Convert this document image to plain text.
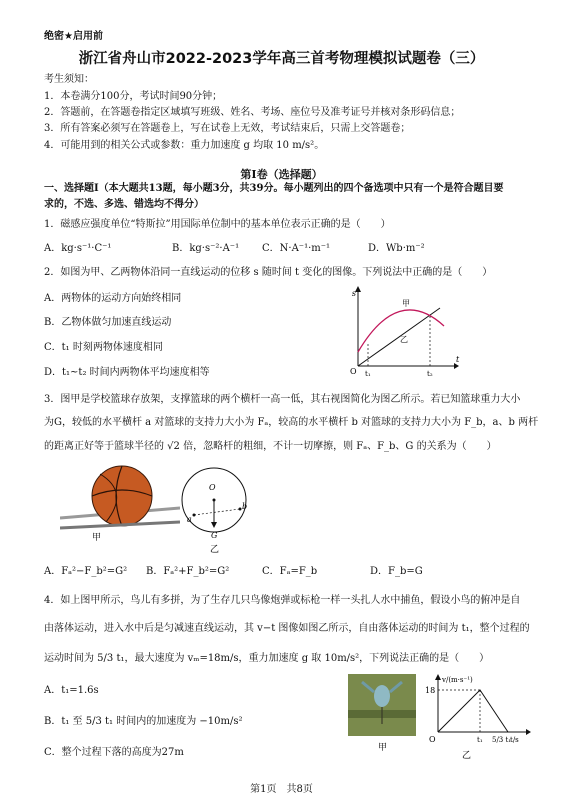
绝密★启用前
浙江省舟山市2022-2023学年高三首考物理模拟试题卷（三）
考生须知：
1．本卷满分100分，考试时间90分钟；
2．答题前，在答题卷指定区域填写班级、姓名、考场、座位号及准考证号并核对条形码信息；
3．所有答案必须写在答题卷上，写在试卷上无效，考试结束后，只需上交答题卷；
4．可能用到的相关公式或参数：重力加速度 g 均取 10 m/s²。
第Ⅰ卷（选择题）
一、选择题Ⅰ（本大题共13题，每小题3分，共39分。每小题列出的四个备选项中只有一个是符合题目要
求的，不选、多选、错选均不得分）
1．磁感应强度单位“特斯拉”用国际单位制中的基本单位表示正确的是（　　）
A．kg·s⁻¹·C⁻¹	B．kg·s⁻²·A⁻¹ C．N·A⁻¹·m⁻¹	D．Wb·m⁻²
2．如图为甲、乙两物体沿同一直线运动的位移 s 随时间 t 变化的图像。下列说法中正确的是（　　）
A．两物体的运动方向始终相同
B．乙物体做匀加速直线运动
C．t₁ 时刻两物体速度相同
D．t₁~t₂ 时间内两物体平均速度相等
s
t
O t₁	t₂
甲
乙
3．图甲是学校篮球存放架，支撑篮球的两个横杆一高一低，其右视图简化为图乙所示。若已知篮球重力大小
为G，较低的水平横杆 a 对篮球的支持力大小为 Fₐ，较高的水平横杆 b 对篮球的支持力大小为 F_b，a、b 两杆
的距离正好等于篮球半径的 √2 倍，忽略杆的粗细，不计一切摩擦，则 Fₐ、F_b、G 的关系为（　　）
甲
O
a
b
G
乙
A．Fₐ²−F_b²=G² B．Fₐ²+F_b²=G²	C．Fₐ=F_b	D．F_b=G
4．如上图甲所示，鸟儿有多拼，为了生存几只鸟像炮弹或标枪一样一头扎人水中捕鱼，假设小鸟的俯冲是自
由落体运动，进入水中后是匀减速直线运动，其 v−t 图像如图乙所示，自由落体运动的时间为 t₁，整个过程的
运动时间为 5/3 t₁，最大速度为 vₘ=18m/s，重力加速度 g 取 10m/s²，下列说法正确的是（　　）
A．t₁=1.6s
B．t₁ 至 5/3 t₁ 时间内的加速度为 −10m/s²
C．整个过程下落的高度为27m	甲
v/(m·s⁻¹)
18
O	t₁ 5/3 t₁
t/s
乙
第1页　共8页
